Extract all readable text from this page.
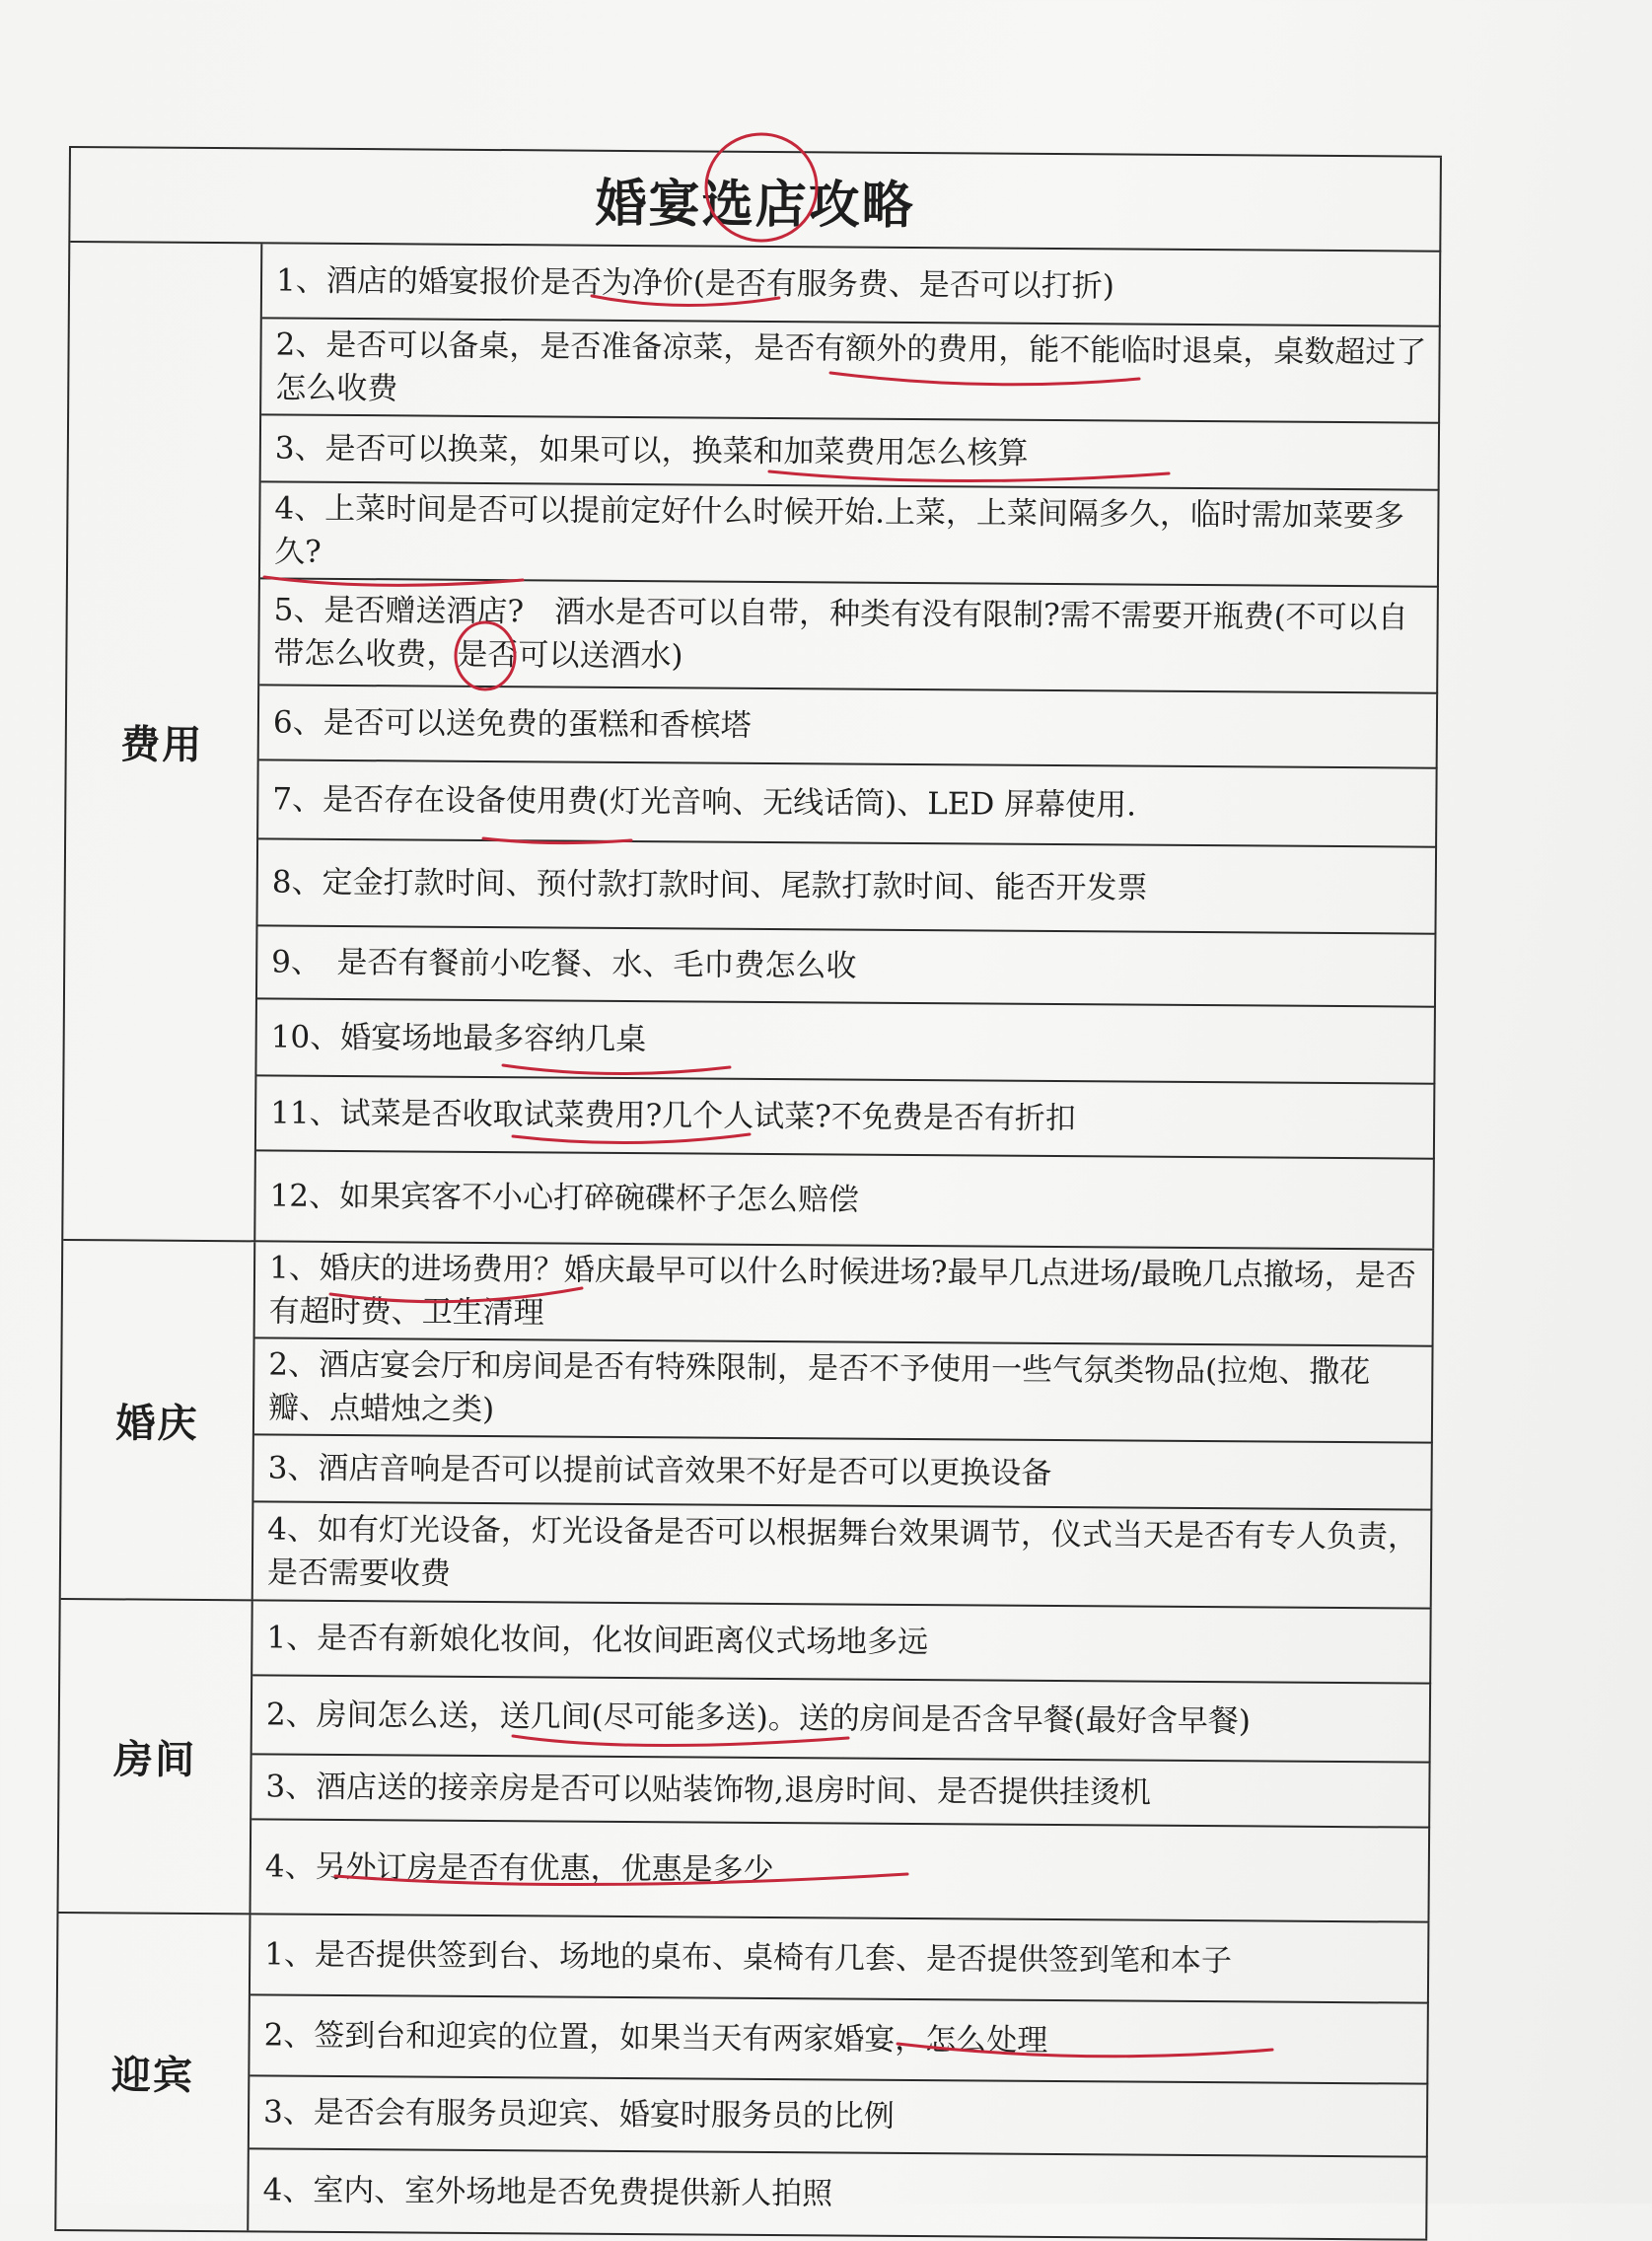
婚宴选店攻略
费用
1、酒店的婚宴报价是否为净价(是否有服务费、是否可以打折)
2、是否可以备桌，是否准备凉菜，是否有额外的费用，能不能临时退桌，桌数超过了怎么收费
3、是否可以换菜，如果可以，换菜和加菜费用怎么核算
4、上菜时间是否可以提前定好什么时候开始.上菜，上菜间隔多久，临时需加菜要多久?
5、是否赠送酒店?　酒水是否可以自带，种类有没有限制?需不需要开瓶费(不可以自带怎么收费，是否可以送酒水)
6、是否可以送免费的蛋糕和香槟塔
7、是否存在设备使用费(灯光音响、无线话筒)、LED 屏幕使用.
8、定金打款时间、预付款打款时间、尾款打款时间、能否开发票
9、　是否有餐前小吃餐、水、毛巾费怎么收
10、婚宴场地最多容纳几桌
11、试菜是否收取试菜费用?几个人试菜?不免费是否有折扣
12、如果宾客不小心打碎碗碟杯子怎么赔偿
婚庆
1、婚庆的进场费用？婚庆最早可以什么时候进场?最早几点进场/最晚几点撤场，是否有超时费、卫生清理
2、酒店宴会厅和房间是否有特殊限制，是否不予使用一些气氛类物品(拉炮、撒花瓣、点蜡烛之类)
3、酒店音响是否可以提前试音效果不好是否可以更换设备
4、如有灯光设备，灯光设备是否可以根据舞台效果调节，仪式当天是否有专人负责，是否需要收费
房间
1、是否有新娘化妆间，化妆间距离仪式场地多远
2、房间怎么送，送几间(尽可能多送)。送的房间是否含早餐(最好含早餐)
3、酒店送的接亲房是否可以贴装饰物,退房时间、是否提供挂烫机
4、另外订房是否有优惠，优惠是多少
迎宾
1、是否提供签到台、场地的桌布、桌椅有几套、是否提供签到笔和本子
2、签到台和迎宾的位置，如果当天有两家婚宴，怎么处理
3、是否会有服务员迎宾、婚宴时服务员的比例
4、室内、室外场地是否免费提供新人拍照
